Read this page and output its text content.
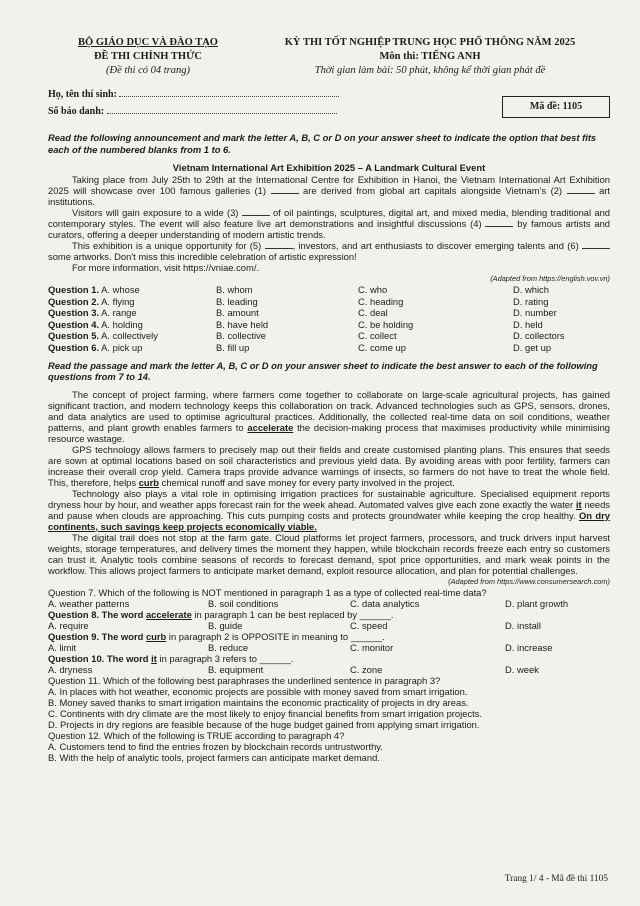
BỘ GIÁO DỤC VÀ ĐÀO TẠO
ĐỀ THI CHÍNH THỨC
(Đề thi có 04 trang)
KỲ THI TỐT NGHIỆP TRUNG HỌC PHỔ THÔNG NĂM 2025
Môn thi: TIẾNG ANH
Thời gian làm bài: 50 phút, không kể thời gian phát đề
Họ, tên thí sinh:
Số báo danh:	Mã đề: 1105
Read the following announcement and mark the letter A, B, C or D on your answer sheet to indicate the option that best fits each of the numbered blanks from 1 to 6.
Vietnam International Art Exhibition 2025 – A Landmark Cultural Event

Taking place from July 25th to 29th at the International Centre for Exhibition in Hanoi, the Vietnam International Art Exhibition 2025 will showcase over 100 famous galleries (1)	are derived from global art capitals alongside Vietnam's (2)	art institutions.

Visitors will gain exposure to a wide (3)	of oil paintings, sculptures, digital art, and mixed media, blending traditional and contemporary styles. The event will also feature live art demonstrations and insightful discussions (4)	by famous artists and curators, offering a deeper understanding of modern artistic trends.

This exhibition is a unique opportunity for (5)	, investors, and art enthusiasts to discover emerging talents and (6)  some artworks. Don't miss this incredible celebration of artistic expression!

For more information, visit https://vniae.com/.

(Adapted from https://english.vov.vn)
Question 1. A. whose	B. whom	C. who	D. which
Question 2. A. flying	B. leading	C. heading	D. rating
Question 3. A. range	B. amount	C. deal	D. number
Question 4. A. holding	B. have held	C. be holding	D. held
Question 5. A. collectively	B. collective	C. collect	D. collectors
Question 6. A. pick up	B. fill up	C. come up	D. get up
Read the passage and mark the letter A, B, C or D on your answer sheet to indicate the best answer to each of the following questions from 7 to 14.

The concept of project farming, where farmers come together to collaborate on large-scale agricultural projects, has gained significant traction, and modern technology keeps this collaboration on track. Advanced technologies such as GPS, sensors, drones, and data analytics are used to optimise agricultural practices. Additionally, the collected real-time data on soil conditions, weather patterns, and plant growth enables farmers to accelerate the decision-making process that maximises productivity while minimising resource wastage.

GPS technology allows farmers to precisely map out their fields and create customised planting plans. This ensures that seeds are sown at optimal locations based on soil characteristics and previous yield data. By avoiding areas with poor fertility, farmers can increase their overall crop yield. Camera traps provide advance warnings of insects, so farmers do not have to treat the whole field. This, therefore, helps curb chemical runoff and save money for every party involved in the project.

Technology also plays a vital role in optimising irrigation practices for sustainable agriculture. Specialised equipment reports dryness hour by hour, and weather apps forecast rain for the week ahead. Automated valves give each zone exactly the water it needs and pause when clouds are approaching. This cuts pumping costs and protects groundwater while keeping the crop healthy. On dry continents, such savings keep projects economically viable.

The digital trail does not stop at the farm gate. Cloud platforms let project farmers, processors, and truck drivers input harvest weights, storage temperatures, and delivery times the moment they happen, while blockchain records freeze each entry so customers can trust it. Analytic tools combine seasons of records to forecast demand, spot price opportunities, and mark weak points in the workflow. This allows project farmers to anticipate market demand, exploit resource allocation, and plan for potential challenges.

(Adapted from https://www.consumersearch.com)
Question 7. Which of the following is NOT mentioned in paragraph 1 as a type of collected real-time data?
A. weather patterns	B. soil conditions	C. data analytics	D. plant growth
Question 8. The word accelerate in paragraph 1 can be best replaced by ______.
A. require	B. guide	C. speed	D. install
Question 9. The word curb in paragraph 2 is OPPOSITE in meaning to ______.
A. limit	B. reduce	C. monitor	D. increase
Question 10. The word it in paragraph 3 refers to ______.
A. dryness	B. equipment	C. zone	D. week
Question 11. Which of the following best paraphrases the underlined sentence in paragraph 3?
A. In places with hot weather, economic projects are possible with money saved from smart irrigation.
B. Money saved thanks to smart irrigation maintains the economic practicality of projects in dry areas.
C. Continents with dry climate are the most likely to enjoy financial benefits from smart irrigation projects.
D. Projects in dry regions are feasible because of the huge budget gained from applying smart irrigation.
Question 12. Which of the following is TRUE according to paragraph 4?
A. Customers tend to find the entries frozen by blockchain records untrustworthy.
B. With the help of analytic tools, project farmers can anticipate market demand.
Trang 1/ 4 - Mã đề thi 1105
